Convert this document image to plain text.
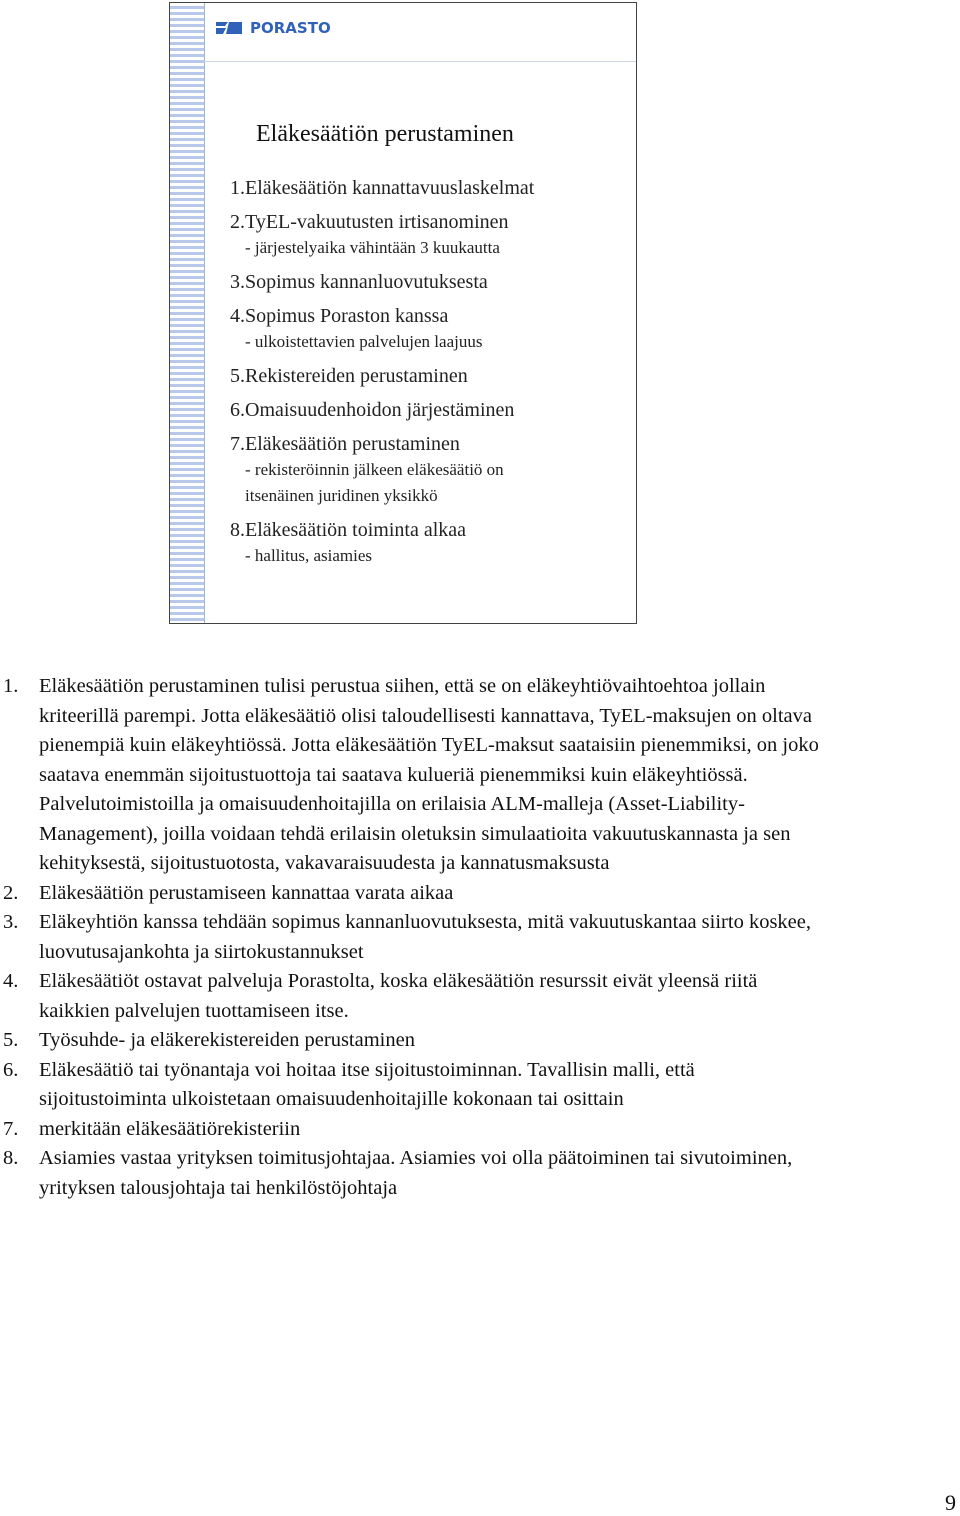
PORASTO
Eläkesäätiön perustaminen
1. Eläkesäätiön kannattavuuslaskelmat
2. TyEL-vakuutusten irtisanominen
- järjestelyaika vähintään 3 kuukautta
3. Sopimus kannanluovutuksesta
4. Sopimus Poraston kanssa
- ulkoistettavien palvelujen laajuus
5. Rekistereiden perustaminen
6. Omaisuudenhoidon järjestäminen
7. Eläkesäätiön perustaminen
- rekisteröinnin jälkeen eläkesäätiö on itsenäinen juridinen yksikkö
8. Eläkesäätiön toiminta alkaa
- hallitus, asiamies
1.	Eläkesäätiön perustaminen tulisi perustua siihen, että se on eläkeyhtiövaihtoehtoa jollain kriteerillä parempi. Jotta eläkesäätiö olisi taloudellisesti kannattava, TyEL-maksujen on oltava pienempiä kuin eläkeyhtiössä. Jotta eläkesäätiön TyEL-maksut saataisiin pienemmiksi, on joko saatava enemmän sijoitustuottoja tai saatava kulueriä pienemmiksi kuin eläkeyhtiössä. Palvelutoimistoilla ja omaisuudenhoitajilla on erilaisia ALM-malleja (Asset-Liability-Management), joilla voidaan tehdä erilaisin oletuksin simulaatioita vakuutuskannasta ja sen kehityksestä, sijoitustuotosta, vakavaraisuudesta ja kannatusmaksusta
2.	Eläkesäätiön perustamiseen kannattaa varata aikaa
3.	Eläkeyhtiön kanssa tehdään sopimus kannanluovutuksesta, mitä vakuutuskantaa siirto koskee, luovutusajankohta ja siirtokustannukset
4.	Eläkesäätiöt ostavat palveluja Porastolta, koska eläkesäätiön resurssit eivät yleensä riitä kaikkien palvelujen tuottamiseen itse.
5.	Työsuhde- ja eläkerekistereiden perustaminen
6.	Eläkesäätiö tai työnantaja voi hoitaa itse sijoitustoiminnan. Tavallisin malli, että sijoitustoiminta ulkoistetaan omaisuudenhoitajille kokonaan tai osittain
7.	merkitään eläkesäätiörekisteriin
8.	Asiamies vastaa yrityksen toimitusjohtajaa. Asiamies voi olla päätoiminen tai sivutoiminen, yrityksen talousjohtaja tai henkilöstöjohtaja
9
